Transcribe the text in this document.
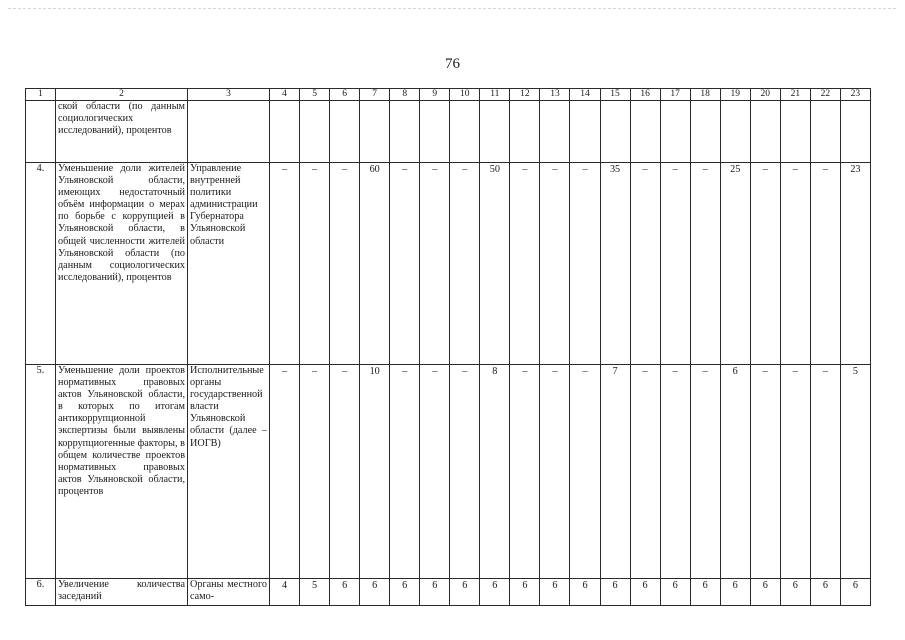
76
1	2	3	4	5	6	7	8	9	10	11	12	13	14	15	16	17	18	19	20	21	22	23

	ской области (по данным социологических исследований), процентов																					

4.	Уменьшение доли жителей Ульяновской области, имеющих недостаточный объём информации о мерах по борьбе с коррупцией в Ульяновской области, в общей численности жителей Ульяновской области (по данным социологических исследований), процентов	Управление внутренней политики администрации Губернатора Ульяновской области	–	–	–	60	–	–	–	50	–	–	–	35	–	–	–	25	–	–	–	23

5.	Уменьшение доли проектов нормативных правовых актов Ульяновской области, в которых по итогам антикоррупционной экспертизы были выявлены коррупциогенные факторы, в общем количестве проектов нормативных правовых актов Ульяновской области, процентов	Исполнительные органы государственной власти Ульяновской области (далее – ИОГВ)	–	–	–	10	–	–	–	8	–	–	–	7	–	–	–	6	–	–	–	5

6.	Увеличение количества заседаний	Органы местного само-	4	5	6	6	6	6	6	6	6	6	6	6	6	6	6	6	6	6	6	6
